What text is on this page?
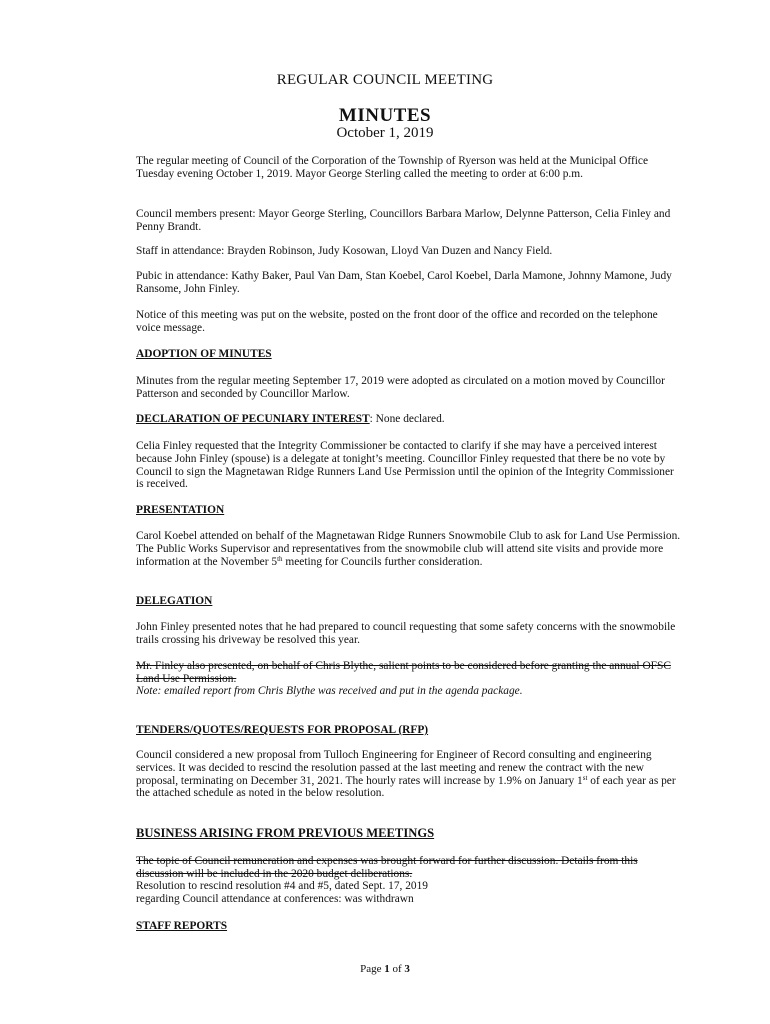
REGULAR COUNCIL MEETING
MINUTES
October 1, 2019

The regular meeting of Council of the Corporation of the Township of Ryerson was held at the Municipal Office Tuesday evening October 1, 2019. Mayor George Sterling called the meeting to order at 6:00 p.m.

Council members present: Mayor George Sterling, Councillors Barbara Marlow, Delynne Patterson, Celia Finley and Penny Brandt.

Staff in attendance: Brayden Robinson, Judy Kosowan, Lloyd Van Duzen and Nancy Field.

Pubic in attendance: Kathy Baker, Paul Van Dam, Stan Koebel, Carol Koebel, Darla Mamone, Johnny Mamone, Judy Ransome, John Finley.

Notice of this meeting was put on the website, posted on the front door of the office and recorded on the telephone voice message.

ADOPTION OF MINUTES

Minutes from the regular meeting September 17, 2019 were adopted as circulated on a motion moved by Councillor Patterson and seconded by Councillor Marlow.

DECLARATION OF PECUNIARY INTEREST: None declared.

Celia Finley requested that the Integrity Commissioner be contacted to clarify if she may have a perceived interest because John Finley (spouse) is a delegate at tonight’s meeting. Councillor Finley requested that there be no vote by Council to sign the Magnetawan Ridge Runners Land Use Permission until the opinion of the Integrity Commissioner is received.

PRESENTATION

Carol Koebel attended on behalf of the Magnetawan Ridge Runners Snowmobile Club to ask for Land Use Permission. The Public Works Supervisor and representatives from the snowmobile club will attend site visits and provide more information at the November 5th meeting for Councils further consideration.

DELEGATION

John Finley presented notes that he had prepared to council requesting that some safety concerns with the snowmobile trails crossing his driveway be resolved this year.

Mr. Finley also presented, on behalf of Chris Blythe, salient points to be considered before granting the annual OFSC Land Use Permission.

Note: emailed report from Chris Blythe was received and put in the agenda package.

TENDERS/QUOTES/REQUESTS FOR PROPOSAL (RFP)

Council considered a new proposal from Tulloch Engineering for Engineer of Record consulting and engineering services. It was decided to rescind the resolution passed at the last meeting and renew the contract with the new proposal, terminating on December 31, 2021. The hourly rates will increase by 1.9% on January 1st of each year as per the attached schedule as noted in the below resolution.

BUSINESS ARISING FROM PREVIOUS MEETINGS

The topic of Council remuneration and expenses was brought forward for further discussion. Details from this discussion will be included in the 2020 budget deliberations.

Resolution to rescind resolution #4 and #5, dated Sept. 17, 2019

regarding Council attendance at conferences: was withdrawn

STAFF REPORTS
Page 1 of 3
